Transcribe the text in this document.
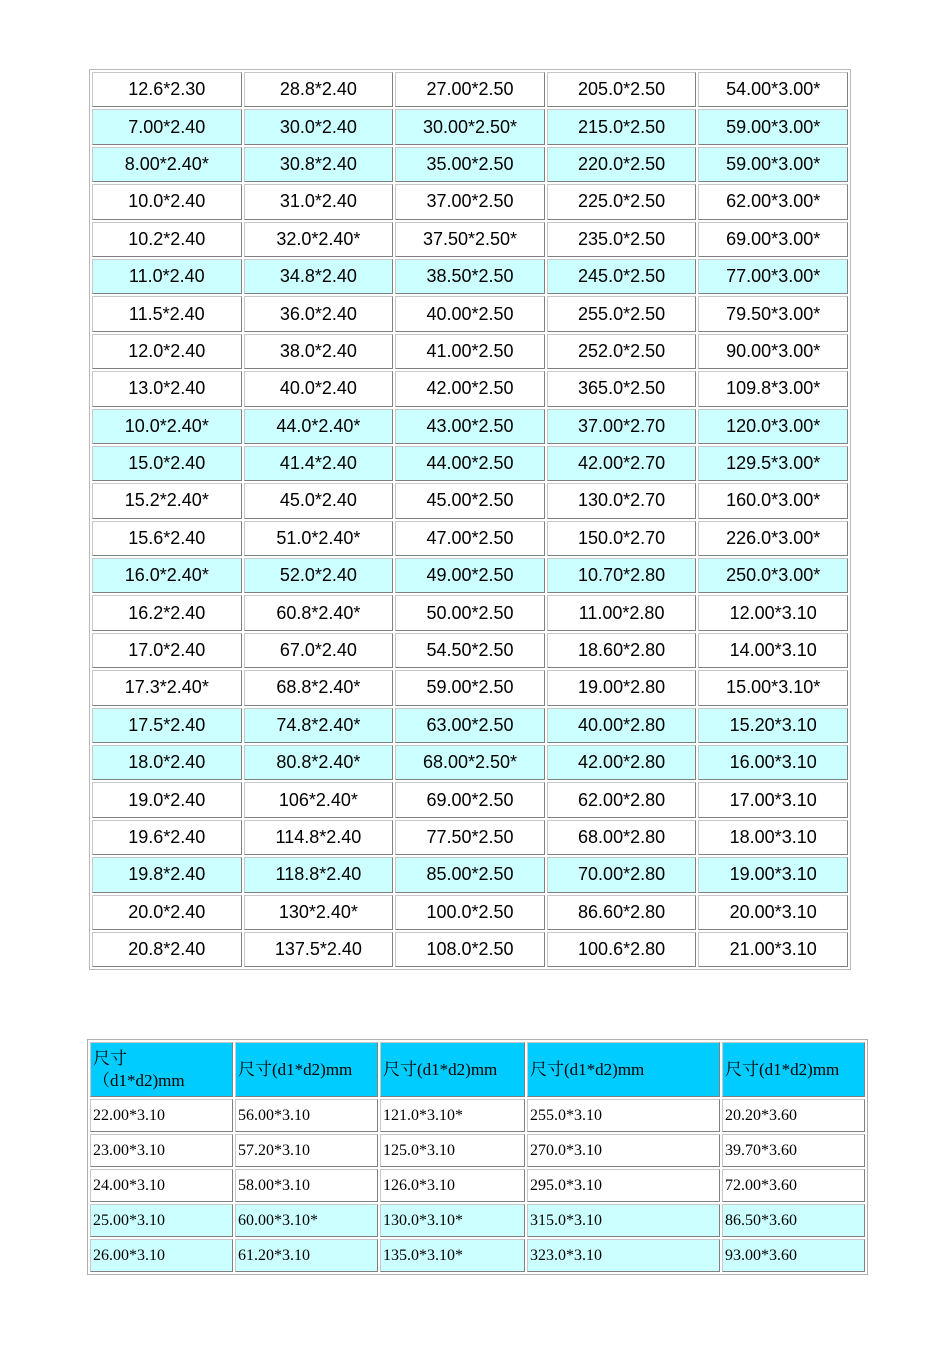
12.6*2.30	28.8*2.40	27.00*2.50	205.0*2.50	54.00*3.00*
7.00*2.40	30.0*2.40	30.00*2.50*	215.0*2.50	59.00*3.00*
8.00*2.40*	30.8*2.40	35.00*2.50	220.0*2.50	59.00*3.00*
10.0*2.40	31.0*2.40	37.00*2.50	225.0*2.50	62.00*3.00*
10.2*2.40	32.0*2.40*	37.50*2.50*	235.0*2.50	69.00*3.00*
11.0*2.40	34.8*2.40	38.50*2.50	245.0*2.50	77.00*3.00*
11.5*2.40	36.0*2.40	40.00*2.50	255.0*2.50	79.50*3.00*
12.0*2.40	38.0*2.40	41.00*2.50	252.0*2.50	90.00*3.00*
13.0*2.40	40.0*2.40	42.00*2.50	365.0*2.50	109.8*3.00*
10.0*2.40*	44.0*2.40*	43.00*2.50	37.00*2.70	120.0*3.00*
15.0*2.40	41.4*2.40	44.00*2.50	42.00*2.70	129.5*3.00*
15.2*2.40*	45.0*2.40	45.00*2.50	130.0*2.70	160.0*3.00*
15.6*2.40	51.0*2.40*	47.00*2.50	150.0*2.70	226.0*3.00*
16.0*2.40*	52.0*2.40	49.00*2.50	10.70*2.80	250.0*3.00*
16.2*2.40	60.8*2.40*	50.00*2.50	11.00*2.80	12.00*3.10
17.0*2.40	67.0*2.40	54.50*2.50	18.60*2.80	14.00*3.10
17.3*2.40*	68.8*2.40*	59.00*2.50	19.00*2.80	15.00*3.10*
17.5*2.40	74.8*2.40*	63.00*2.50	40.00*2.80	15.20*3.10
18.0*2.40	80.8*2.40*	68.00*2.50*	42.00*2.80	16.00*3.10
19.0*2.40	106*2.40*	69.00*2.50	62.00*2.80	17.00*3.10
19.6*2.40	114.8*2.40	77.50*2.50	68.00*2.80	18.00*3.10
19.8*2.40	118.8*2.40	85.00*2.50	70.00*2.80	19.00*3.10
20.0*2.40	130*2.40*	100.0*2.50	86.60*2.80	20.00*3.10
20.8*2.40	137.5*2.40	108.0*2.50	100.6*2.80	21.00*3.10
尺寸
（d1*d2)mm	尺寸(d1*d2)mm	尺寸(d1*d2)mm	尺寸(d1*d2)mm	尺寸(d1*d2)mm
22.00*3.10	56.00*3.10	121.0*3.10*	255.0*3.10	20.20*3.60
23.00*3.10	57.20*3.10	125.0*3.10	270.0*3.10	39.70*3.60
24.00*3.10	58.00*3.10	126.0*3.10	295.0*3.10	72.00*3.60
25.00*3.10	60.00*3.10*	130.0*3.10*	315.0*3.10	86.50*3.60
26.00*3.10	61.20*3.10	135.0*3.10*	323.0*3.10	93.00*3.60
